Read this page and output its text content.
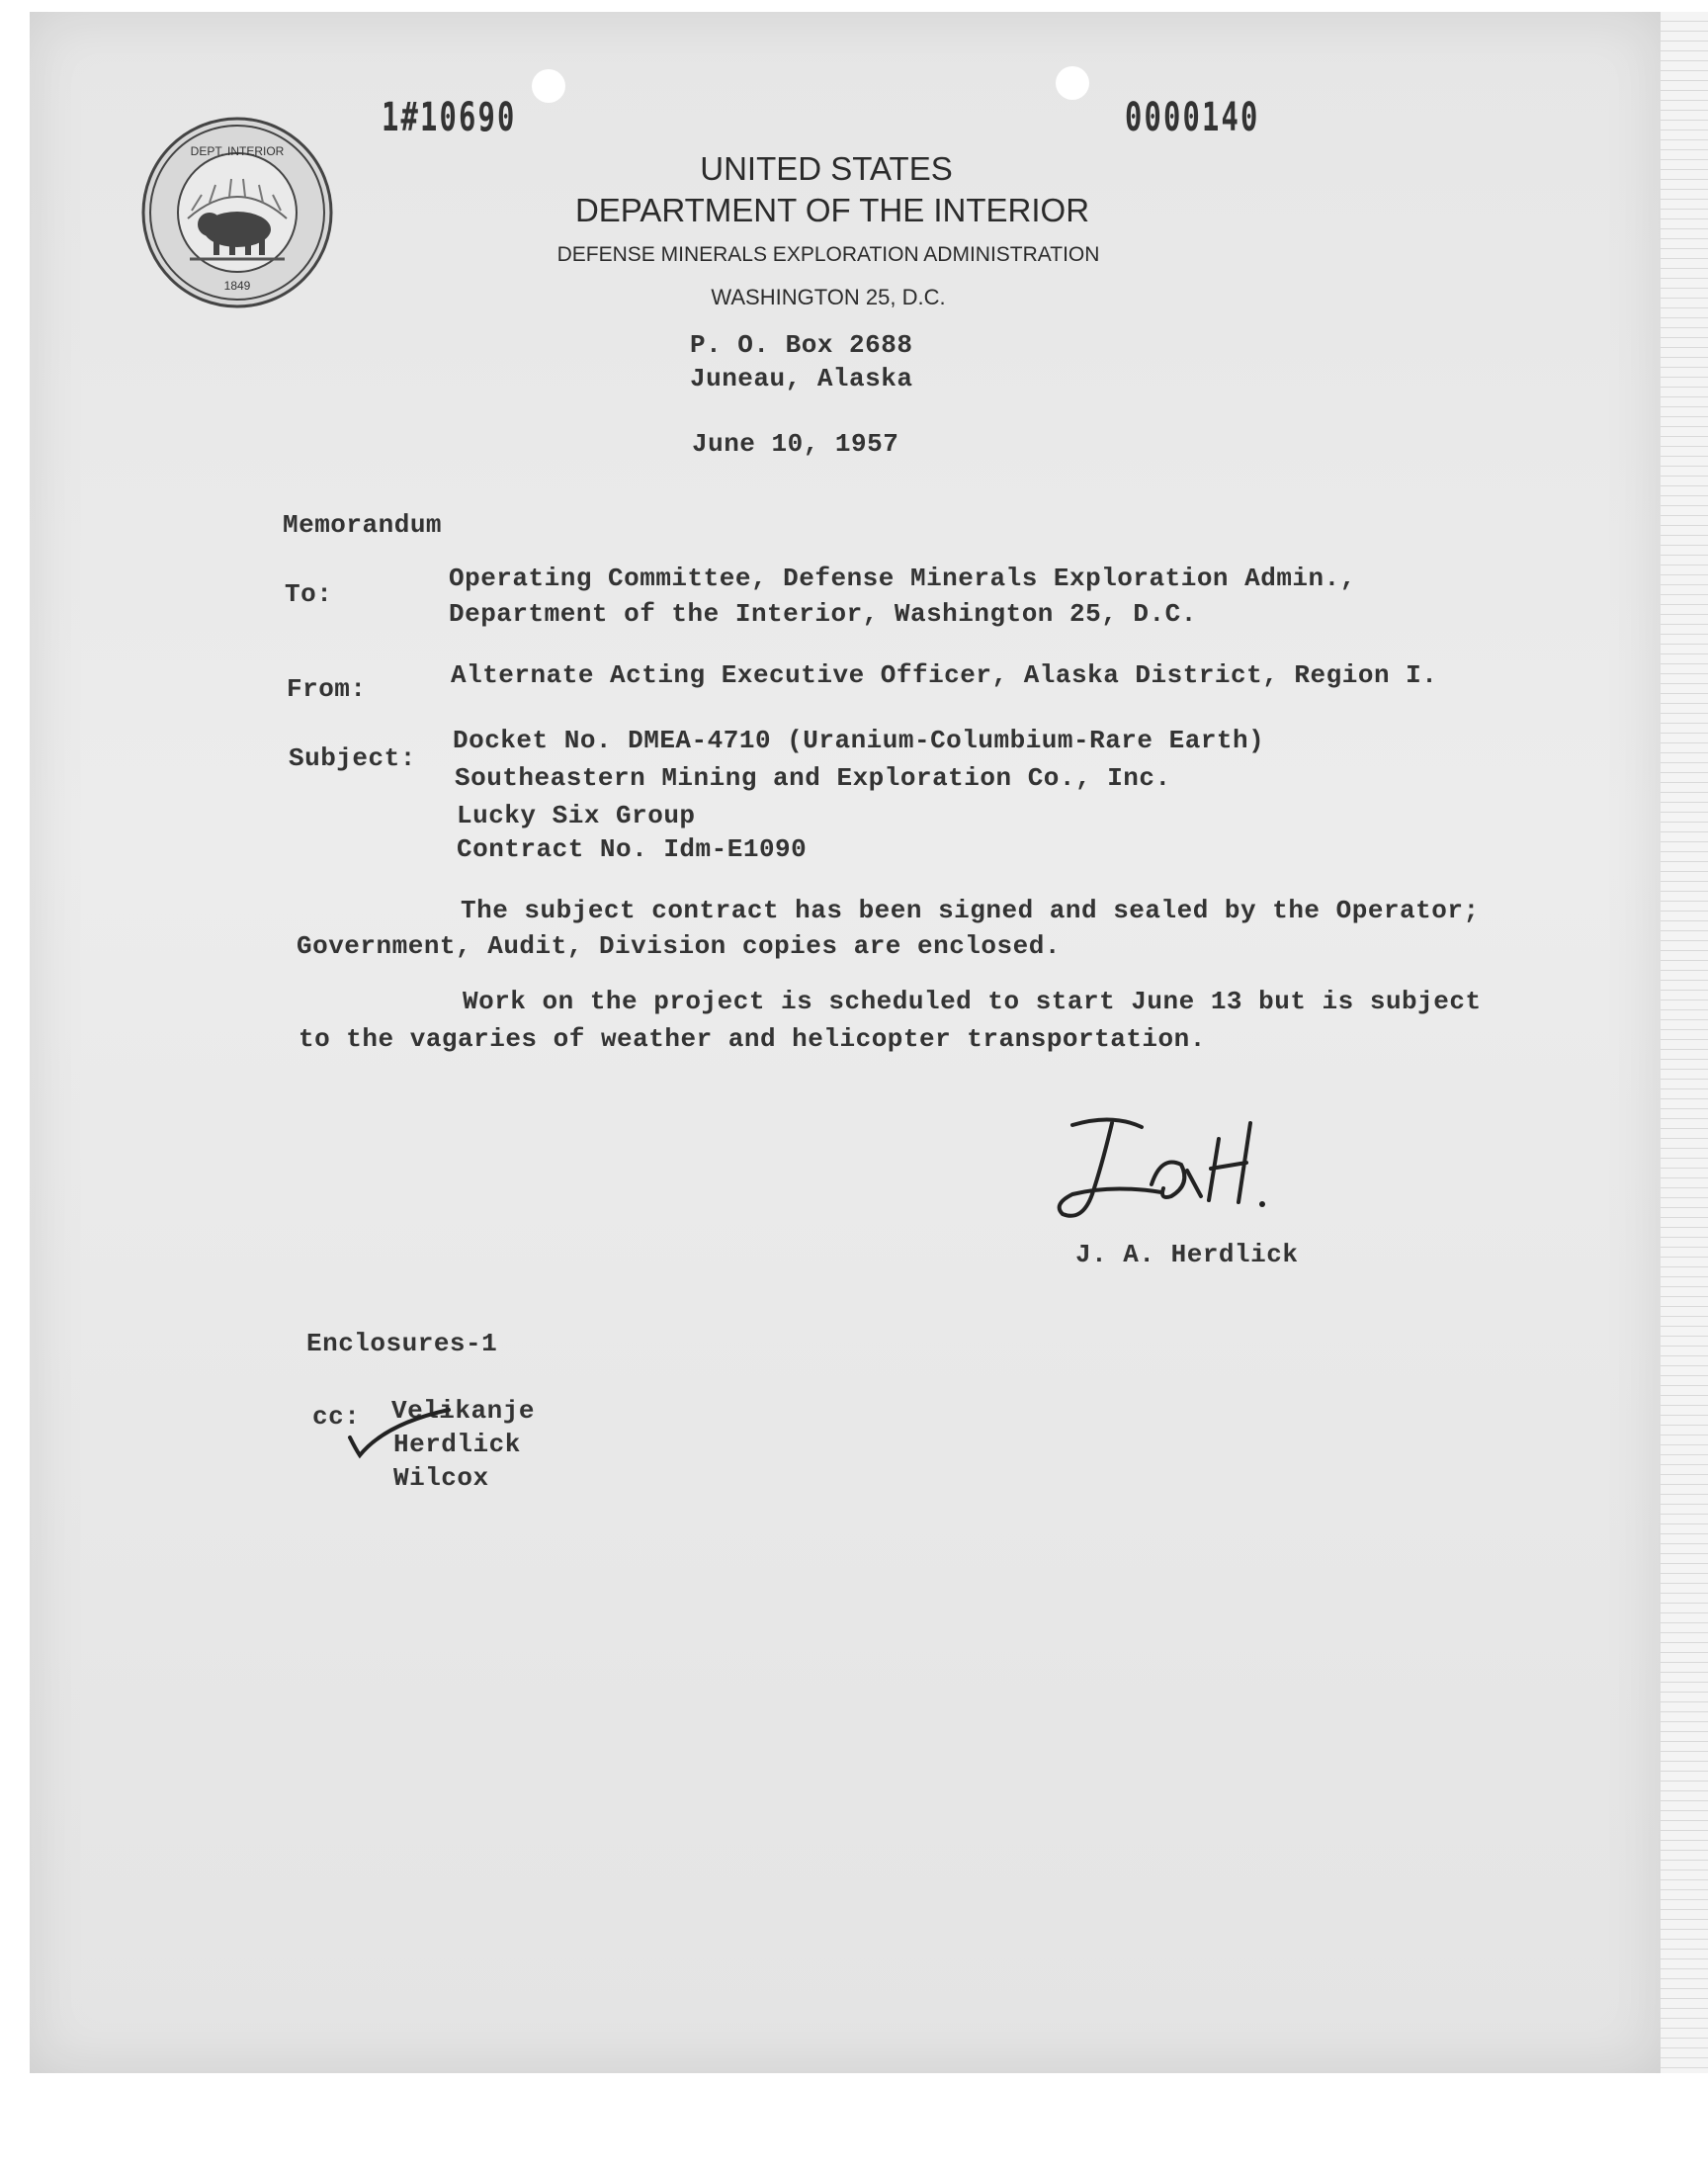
1#10690	0000140
DEPT. INTERIOR
1849
UNITED STATES
DEPARTMENT OF THE INTERIOR
DEFENSE MINERALS EXPLORATION ADMINISTRATION
WASHINGTON 25, D.C.
P. O. Box 2688
Juneau, Alaska
June 10, 1957
Memorandum
To:
Operating Committee, Defense Minerals Exploration Admin.,
Department of the Interior, Washington 25, D.C.
From:	Alternate Acting Executive Officer, Alaska District, Region I.
Subject:
Docket No. DMEA-4710 (Uranium-Columbium-Rare Earth)
Southeastern Mining and Exploration Co., Inc.
Lucky Six Group
Contract No. Idm-E1090
The subject contract has been signed and sealed by the Operator;
Government, Audit, Division copies are enclosed.
Work on the project is scheduled to start June 13 but is subject
to the vagaries of weather and helicopter transportation.
J. A. Herdlick
Enclosures-1
cc: Velikanje
Herdlick
Wilcox
